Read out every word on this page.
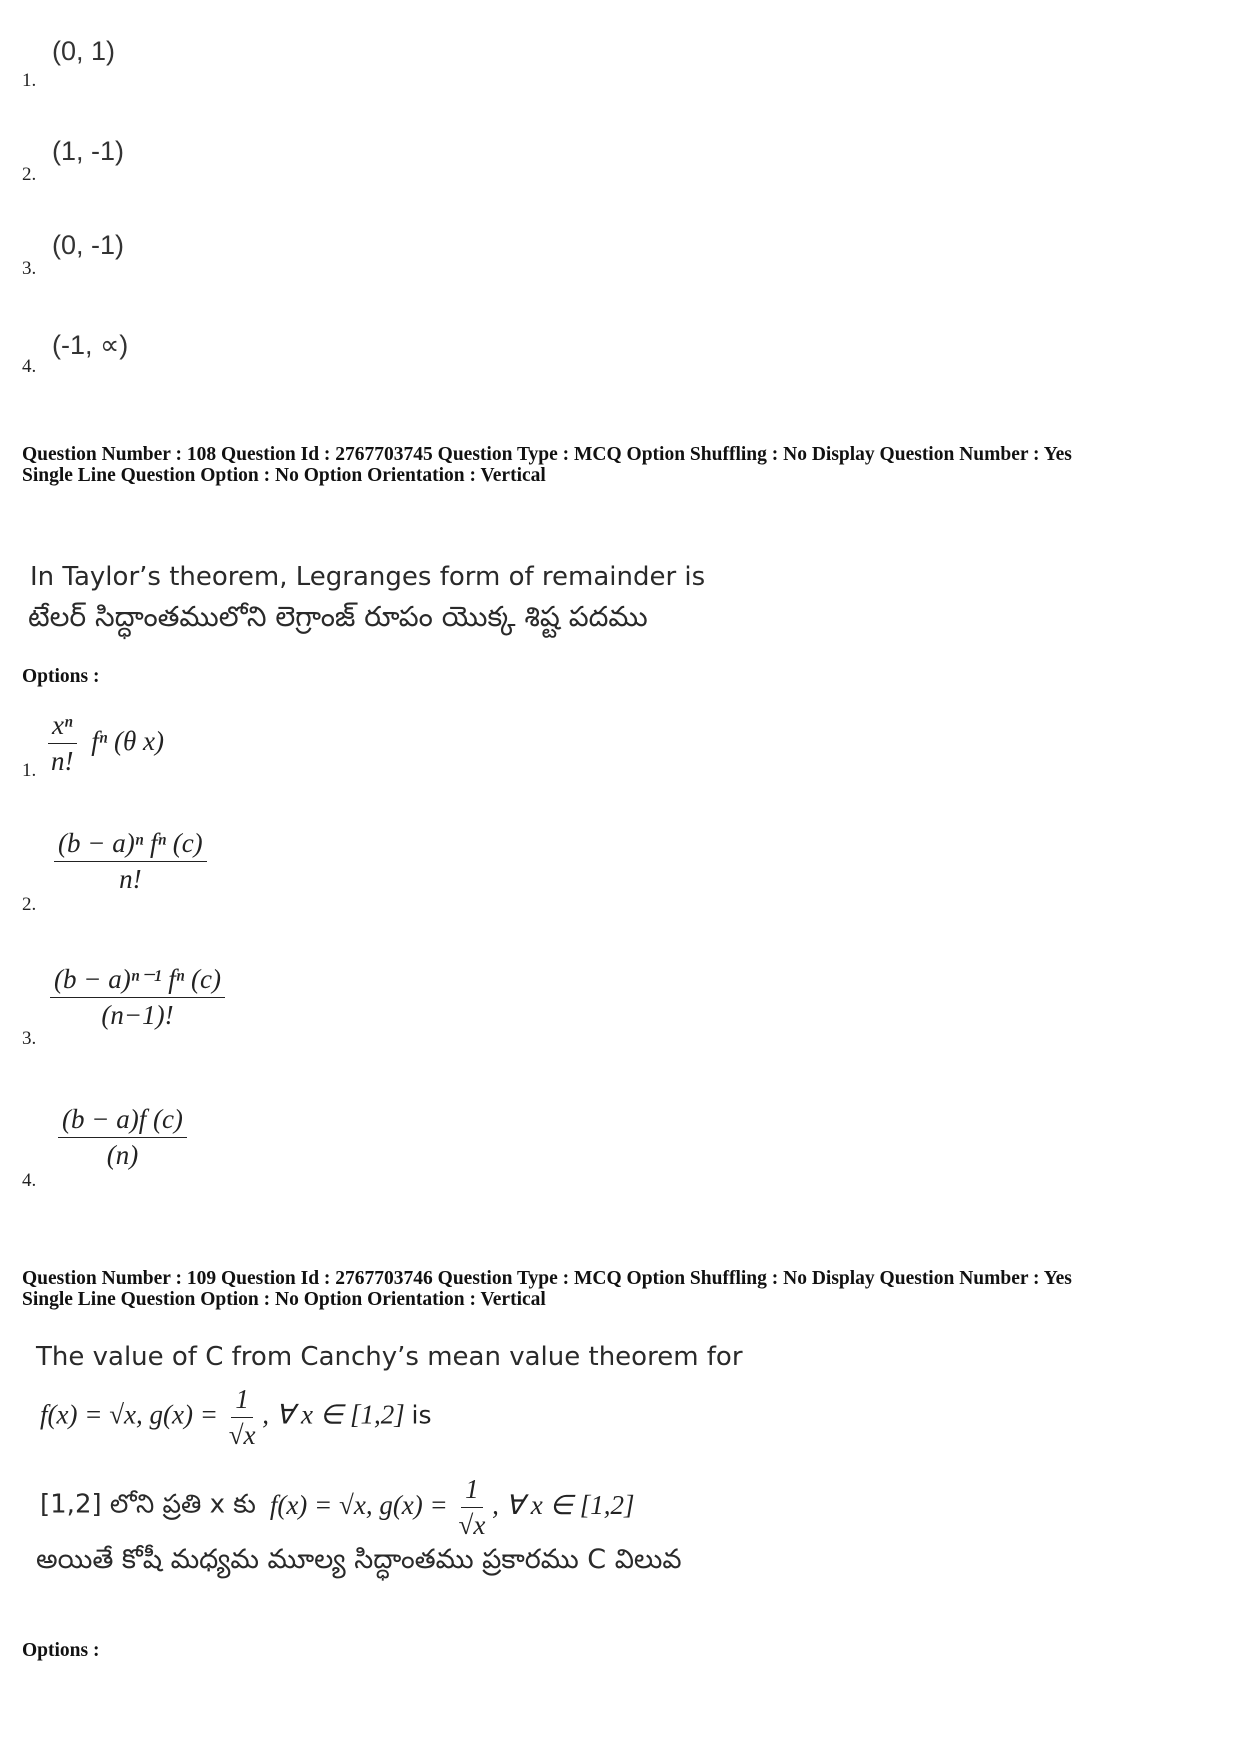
(0, 1)
1.
(1, -1)
2.
(0, -1)
3.
(-1, ∝)
4.
Question Number : 108 Question Id : 2767703745 Question Type : MCQ Option Shuffling : No Display Question Number : Yes
Single Line Question Option : No Option Orientation : Vertical
In Taylor’s theorem, Legranges form of remainder is
టేలర్ సిద్ధాంతములోని లెగ్రాంజ్ రూపం యొక్క శిష్ట పదము
Options :
$\frac{\text{xⁿ}}{n!}$ fⁿ (θ x)
1.
$\frac{\text{(b − a)ⁿ fⁿ (c)}}{n!}$
2.
$\frac{\text{(b − a)ⁿ⁻¹ fⁿ (c)}}{(n-1)!}$
3.
$\frac{(b - a)f (c)}{(n)}$
4.
Question Number : 109 Question Id : 2767703746 Question Type : MCQ Option Shuffling : No Display Question Number : Yes
Single Line Question Option : No Option Orientation : Vertical
The value of C from Canchy’s mean value theorem for
f(x) = √x, $g(x) = \frac{1}{√x}$ , ∀ x ∈ [1,2] is
[1,2] లోని ప్రతి x కు f(x) = √x, $g(x) = \frac{1}{√x}$ , ∀ x ∈ [1,2]
అయితే కోషీ మధ్యమ మూల్య సిద్ధాంతము ప్రకారము C విలువ
Options :
